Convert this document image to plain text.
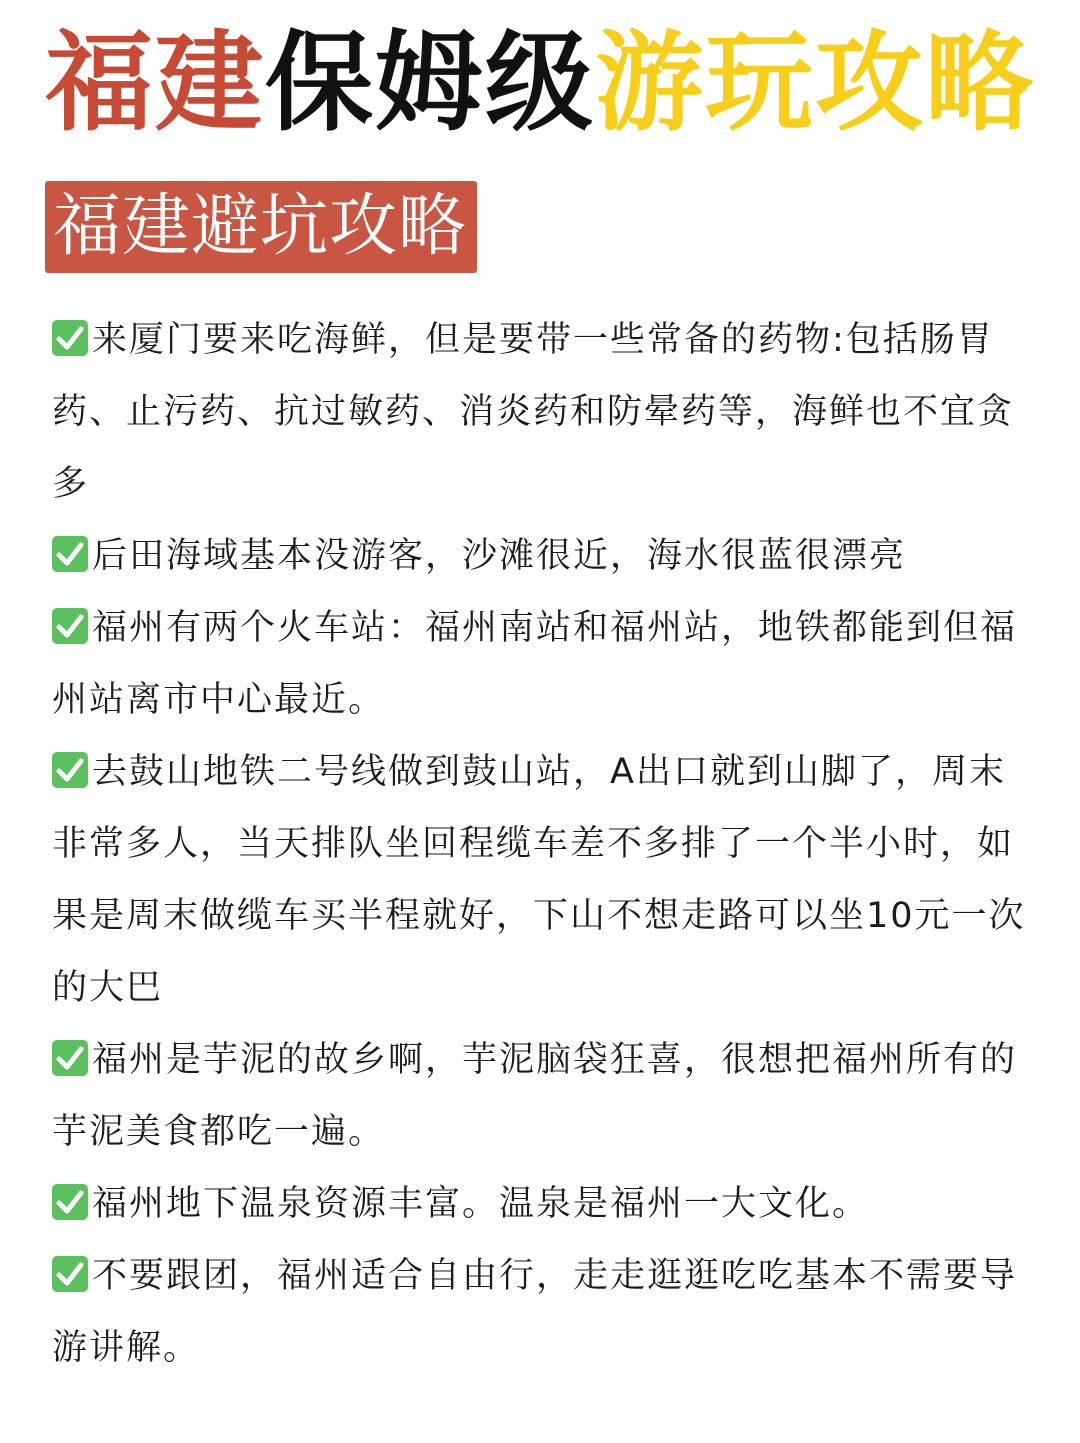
福建保姆级游玩攻略
福建避坑攻略

来厦门要来吃海鲜，但是要带一些常备的药物:包括肠胃药、止污药、抗过敏药、消炎药和防晕药等，海鲜也不宜贪多

后田海域基本没游客，沙滩很近，海水很蓝很漂亮

福州有两个火车站：福州南站和福州站，地铁都能到但福州站离市中心最近。

去鼓山地铁二号线做到鼓山站，A出口就到山脚了，周末非常多人，当天排队坐回程缆车差不多排了一个半小时，如果是周末做缆车买半程就好，下山不想走路可以坐10元一次的大巴

福州是芋泥的故乡啊，芋泥脑袋狂喜，很想把福州所有的芋泥美食都吃一遍。

福州地下温泉资源丰富。温泉是福州一大文化。

不要跟团，福州适合自由行，走走逛逛吃吃基本不需要导游讲解。
